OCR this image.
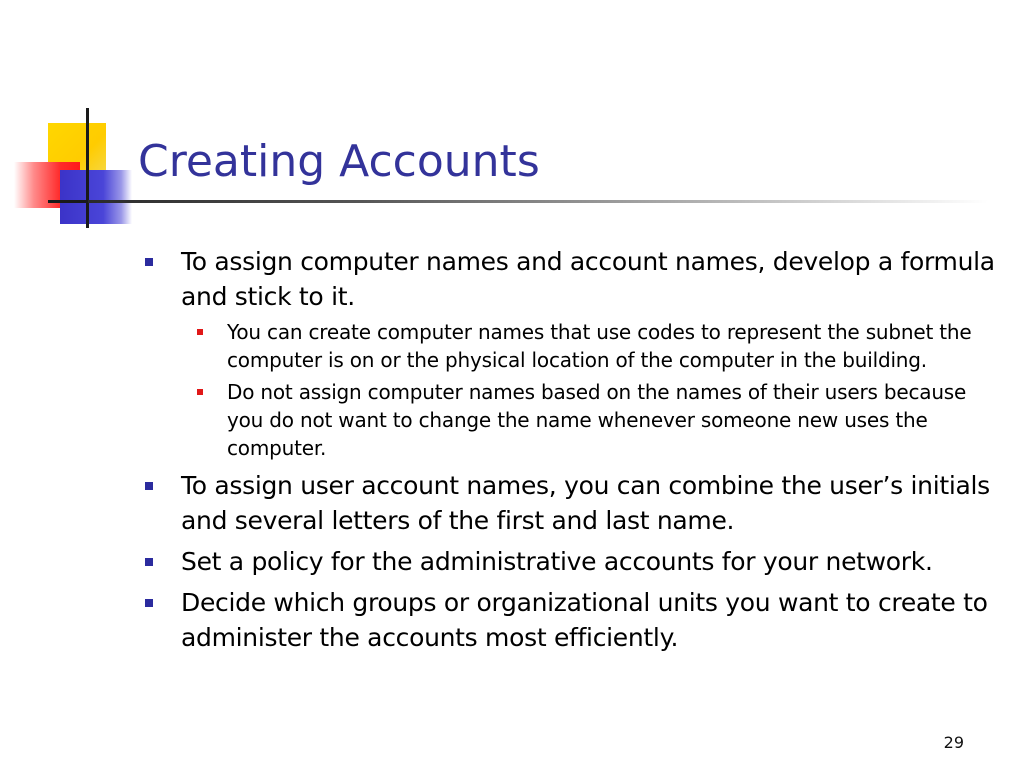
Creating Accounts
To assign computer names and account names, develop a formula and stick to it.
You can create computer names that use codes to represent the subnet the computer is on or the physical location of the computer in the building.
Do not assign computer names based on the names of their users because you do not want to change the name whenever someone new uses the computer.
To assign user account names, you can combine the user’s initials and several letters of the first and last name.
Set a policy for the administrative accounts for your network.
Decide which groups or organizational units you want to create to administer the accounts most efficiently.
29
